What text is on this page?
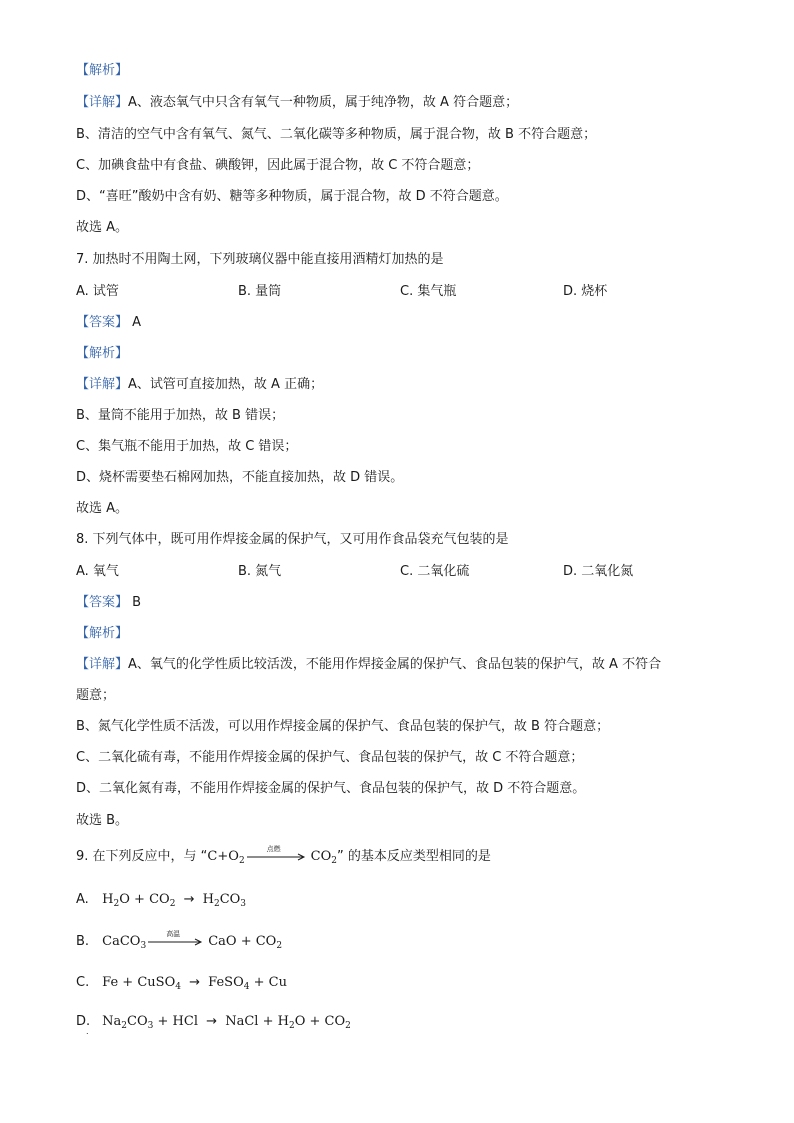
【解析】
【详解】A、液态氧气中只含有氧气一种物质，属于纯净物，故 A 符合题意；
B、清洁的空气中含有氧气、氮气、二氧化碳等多种物质，属于混合物，故 B 不符合题意；
C、加碘食盐中有食盐、碘酸钾，因此属于混合物，故 C 不符合题意；
D、“喜旺”酸奶中含有奶、糖等多种物质，属于混合物，故 D 不符合题意。
故选 A。
7. 加热时不用陶土网，下列玻璃仪器中能直接用酒精灯加热的是
A. 试管	B. 量筒	C. 集气瓶	D. 烧杯
【答案】 A
【解析】
【详解】A、试管可直接加热，故 A 正确；
B、量筒不能用于加热，故 B 错误；
C、集气瓶不能用于加热，故 C 错误；
D、烧杯需要垫石棉网加热，不能直接加热，故 D 错误。
故选 A。
8. 下列气体中，既可用作焊接金属的保护气，又可用作食品袋充气包装的是
A. 氧气	B. 氮气	C. 二氧化硫	D. 二氧化氮
【答案】 B
【解析】
【详解】A、氧气的化学性质比较活泼，不能用作焊接金属的保护气、食品包装的保护气，故 A 不符合
题意；
B、氮气化学性质不活泼，可以用作焊接金属的保护气、食品包装的保护气，故 B 符合题意；
C、二氧化硫有毒，不能用作焊接金属的保护气、食品包装的保护气，故 C 不符合题意；
D、二氧化氮有毒，不能用作焊接金属的保护气、食品包装的保护气，故 D 不符合题意。
故选 B。
9. 在下列反应中，与 “$C+O_2$
点燃
$CO_2$” 的基本反应类型相同的是
A. $H_2O + CO_2 \to H_2CO_3$
B. CaCO$_3$
高温
CaO + $CO_2$
C. Fe + CuSO$_4$ → FeSO$_4$ + Cu
D. $Na_2CO_3$ + HCl → NaCl + $H_2O + CO_2$
.
